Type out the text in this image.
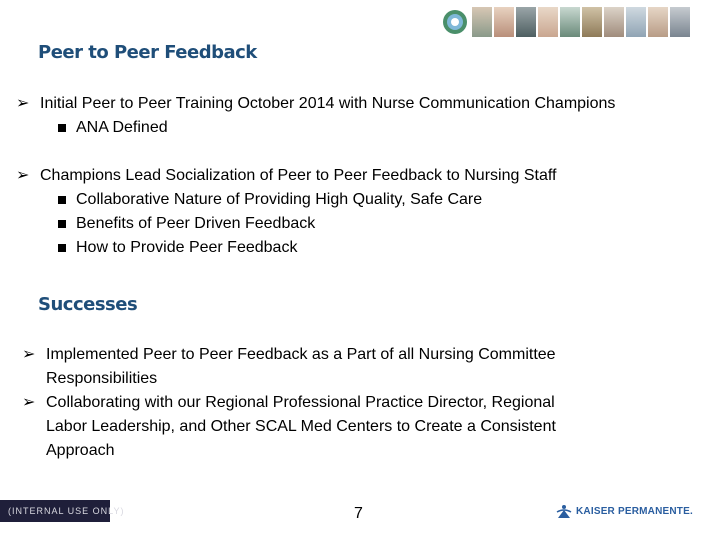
Peer to Peer Feedback
➢ Initial Peer to Peer Training October 2014 with Nurse Communication Champions
ANA Defined
➢ Champions Lead Socialization of Peer to Peer Feedback to Nursing Staff
Collaborative Nature of Providing High Quality, Safe Care
Benefits of Peer Driven Feedback
How to Provide Peer Feedback
Successes
➢ Implemented Peer to Peer Feedback as a Part of all Nursing Committee
Responsibilities
➢ Collaborating with our Regional Professional Practice Director, Regional
Labor Leadership, and Other SCAL Med Centers to Create a Consistent
Approach
(INTERNAL USE ONLY)	7	KAISER PERMANENTE.
